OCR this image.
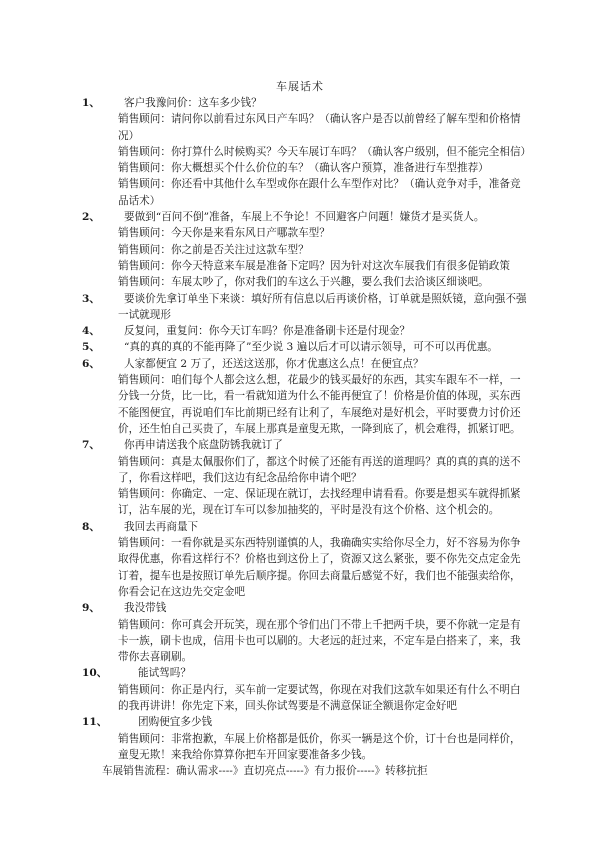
车展话术
1、 客户我豫问价：这车多少钱？
销售顾问：请问你以前看过东风日产车吗？（确认客户是否以前曾经了解车型和价格情
况）
销售顾问：你打算什么时候购买？今天车展订车吗？（确认客户级别，但不能完全相信）
销售顾问：你大概想买个什么价位的车？（确认客户预算，准备进行车型推荐）
销售顾问：你还看中其他什么车型或你在跟什么车型作对比？（确认竞争对手，准备竞
品话术）
2、 要做到“百问不倒”准备，车展上不争论！不回避客户问题！嫌货才是买货人。
销售顾问：今天你是来看东风日产哪款车型？
销售顾问：你之前是否关注过这款车型？
销售顾问：你今天特意来车展是准备下定吗？因为针对这次车展我们有很多促销政策
销售顾问：车展太吵了，你对我们的车这么于兴趣，要么我们去洽谈区细谈吧。
3、 要谈价先拿订单坐下来谈：填好所有信息以后再谈价格，订单就是照妖镜，意向强不强
一试就现形
4、 反复问，重复问：你今天订车吗？你是准备刷卡还是付现金？
5、 “真的真的真的不能再降了”至少说 3 遍以后才可以请示领导，可不可以再优惠。
6、 人家都便宜 2 万了，还送这送那，你才优惠这么点！在便宜点？
销售顾问：咱们每个人都会这么想，花最少的钱买最好的东西，其实车跟车不一样，一
分钱一分货，比一比，看一看就知道为什么不能再便宜了！价格是价值的体现，买东西
不能图便宜，再说咱们车比前期已经有让利了，车展绝对是好机会，平时要费力讨价还
价，还生怕自己买贵了，车展上那真是童叟无欺，一降到底了，机会难得，抓紧订吧。
7、 你再申请送我个底盘防锈我就订了
销售顾问：真是太佩服你们了，都这个时候了还能有再送的道理吗？真的真的真的送不
了，你看这样吧，我们这边有纪念品给你申请个吧？
销售顾问：你确定、一定、保证现在就订，去找经理申请看看。你要是想买车就得抓紧
订，沾车展的光，现在订车可以参加抽奖的，平时是没有这个价格、这个机会的。
8、 我回去再商量下
销售顾问：一看你就是买东西特别谨慎的人，我确确实实给你尽全力，好不容易为你争
取得优惠，你看这样行不？价格也到这份上了，资源又这么紧张，要不你先交点定金先
订着，提车也是按照订单先后顺序提。你回去商量后感觉不好，我们也不能强卖给你，
你看会记在这边先交定金吧
9、 我没带钱
销售顾问：你可真会开玩笑，现在那个爷们出门不带上千把两千块，要不你就一定是有
卡一族，刷卡也成，信用卡也可以刷的。大老远的赶过来，不定车是白搭来了，来，我
带你去喜刷刷。
10、	能试驾吗？
销售顾问：你正是内行，买车前一定要试驾，你现在对我们这款车如果还有什么不明白
的我再讲讲！你先定下来，回头你试驾要是不满意保证全额退你定金好吧
11、	团购便宜多少钱
销售顾问：非常抱歉，车展上价格都是低价，你买一辆是这个价，订十台也是同样价，
童叟无欺！来我给你算算你把车开回家要准备多少钱。
车展销售流程：确认需求----》直切亮点-----》有力报价-----》转移抗拒
